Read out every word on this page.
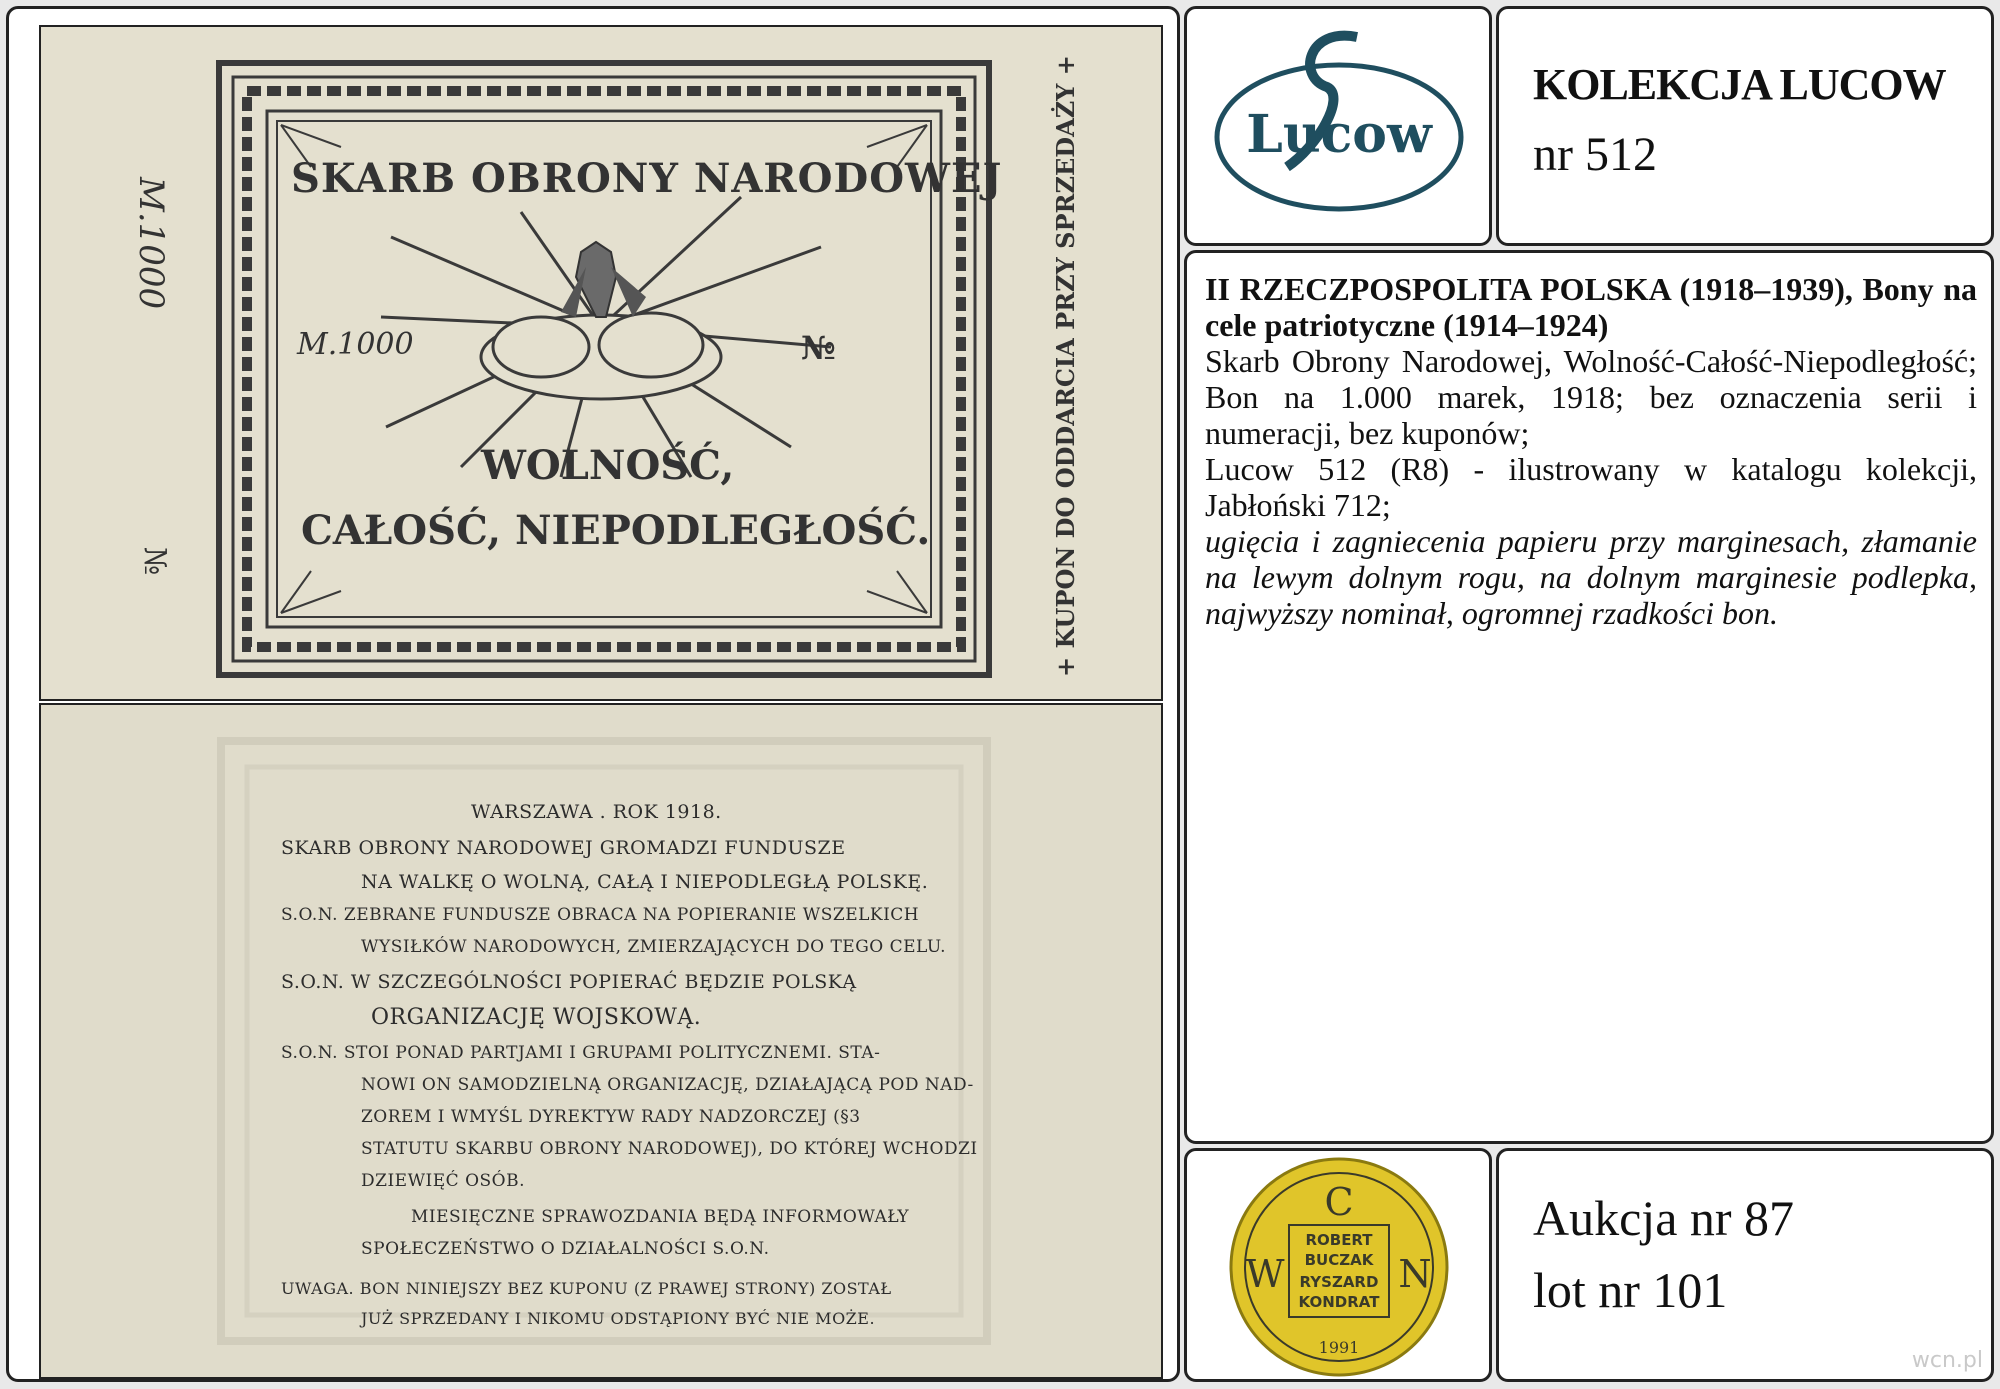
SKARB OBRONY NARODOWEJ
M.1000
M.1000	№
№
WOLNOŚĆ,
CAŁOŚĆ, NIEPODLEGŁOŚĆ.	+ KUPON DO ODDARCIA PRZY SPRZEDAŻY +
WARSZAWA . ROK 1918.
SKARB OBRONY NARODOWEJ GROMADZI FUNDUSZE
NA WALKĘ O WOLNĄ, CAŁĄ I NIEPODLEGŁĄ POLSKĘ.
S.O.N. ZEBRANE FUNDUSZE OBRACA NA POPIERANIE WSZELKICH
WYSIŁKÓW NARODOWYCH, ZMIERZAJĄCYCH DO TEGO CELU.
S.O.N. W SZCZEGÓLNOŚCI POPIERAĆ BĘDZIE POLSKĄ
ORGANIZACJĘ WOJSKOWĄ.
S.O.N. STOI PONAD PARTJAMI I GRUPAMI POLITYCZNEMI. STA-
NOWI ON SAMODZIELNĄ ORGANIZACJĘ, DZIAŁAJĄCĄ POD NAD-
ZOREM I WMYŚL DYREKTYW RADY NADZORCZEJ (§3
STATUTU SKARBU OBRONY NARODOWEJ), DO KTÓREJ WCHODZI
DZIEWIĘĆ OSÓB.
MIESIĘCZNE SPRAWOZDANIA BĘDĄ INFORMOWAŁY
SPOŁECZEŃSTWO O DZIAŁALNOŚCI S.O.N.
UWAGA. BON NINIEJSZY BEZ KUPONU (Z PRAWEJ STRONY) ZOSTAŁ
JUŻ SPRZEDANY I NIKOMU ODSTĄPIONY BYĆ NIE MOŻE.
Lucow
KOLEKCJA LUCOW
nr 512

II RZECZPOSPOLITA POLSKA (1918–1939), Bony na cele patriotyczne (1914–1924)

Skarb Obrony Narodowej, Wolność-Całość-Niepodległość; Bon na 1.000 marek, 1918; bez oznaczenia serii i numeracji, bez kuponów;

Lucow 512 (R8) - ilustrowany w katalogu kolekcji, Jabłoński 712;

ugięcia i zagniecenia papieru przy marginesach, złamanie na lewym dolnym rogu, na dolnym marginesie podlepka, najwyższy nominał, ogromnej rzadkości bon.

C
W	N
ROBERT
BUCZAK
RYSZARD
KONDRAT
1991
Aukcja nr 87
lot nr 101
wcn.pl
